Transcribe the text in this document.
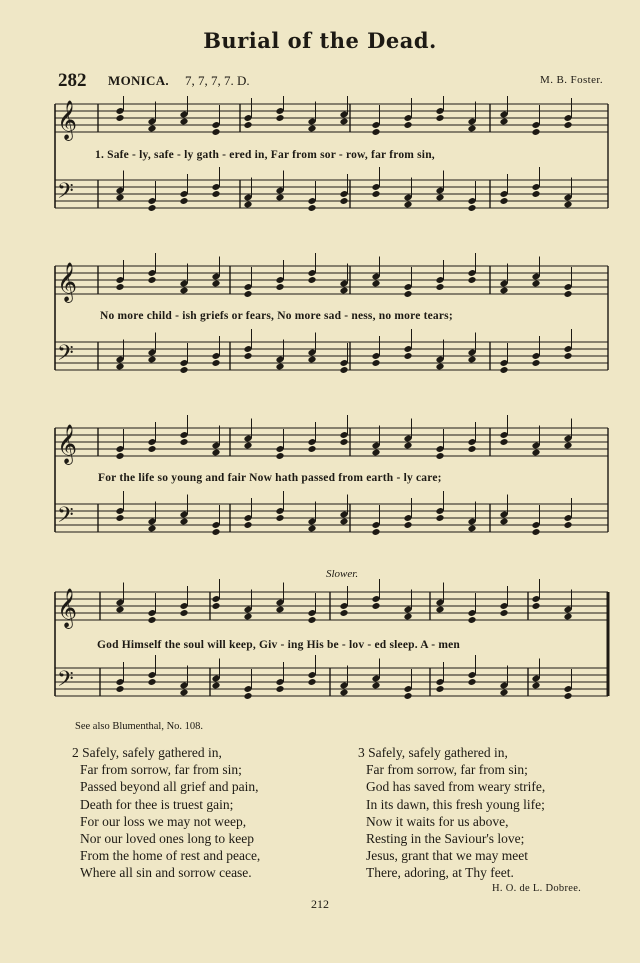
Burial of the Dead.
282 MONICA. 7, 7, 7, 7. D.	M. B. Foster.
𝄞
𝄢
𝄞
𝄢
𝄞
𝄢
𝄞
𝄢
1. Safe - ly, safe - ly gath - ered in, Far from sor - row, far from sin,
No more child - ish griefs or fears, No more sad - ness, no more tears;
For the life so young and fair Now hath passed from earth - ly care;
God Himself the soul will keep, Giv - ing His be - lov - ed sleep. A - men
Slower.
See also Blumenthal, No. 108.
2 Safely, safely gathered in,
Far from sorrow, far from sin;
Passed beyond all grief and pain,
Death for thee is truest gain;
For our loss we may not weep,
Nor our loved ones long to keep
From the home of rest and peace,
Where all sin and sorrow cease.
3 Safely, safely gathered in,
Far from sorrow, far from sin;
God has saved from weary strife,
In its dawn, this fresh young life;
Now it waits for us above,
Resting in the Saviour's love;
Jesus, grant that we may meet
There, adoring, at Thy feet.
H. O. de L. Dobree.
212
